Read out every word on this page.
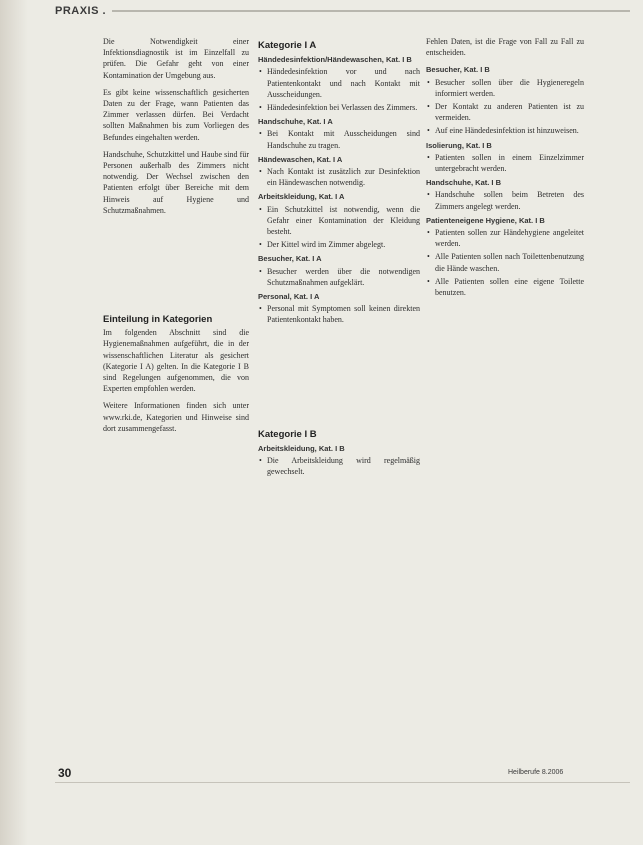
PRAXIS .

Die Notwendigkeit einer Infektionsdiagnostik ist im Einzelfall zu prüfen. Die Gefahr geht von einer Kontamination der Umgebung aus.

Es gibt keine wissenschaftlich gesicherten Daten zu der Frage, wann Patienten das Zimmer verlassen dürfen. Bei Verdacht sollten Maßnahmen bis zum Vorliegen des Befundes eingehalten werden.

Handschuhe, Schutzkittel und Haube sind für Personen außerhalb des Zimmers nicht notwendig. Der Wechsel zwischen den Patienten erfolgt über Bereiche mit dem Hinweis auf Hygiene und Schutzmaßnahmen.

Einteilung in Kategorien

Im folgenden Abschnitt sind die Hygienemaßnahmen aufgeführt, die in der wissenschaftlichen Literatur als gesichert (Kategorie I A) gelten. In die Kategorie I B sind Regelungen aufgenommen, die von Experten empfohlen werden.

Weitere Informationen finden sich unter www.rki.de, Kategorien und Hinweise sind dort zusammengefasst.

Kategorie I A
Händedesinfektion/Händewaschen, Kat. I B
• Händedesinfektion vor und nach Patientenkontakt und nach Kontakt mit Ausscheidungen.
• Händedesinfektion bei Verlassen des Zimmers.
Handschuhe, Kat. I A
• Bei Kontakt mit Ausscheidungen sind Handschuhe zu tragen.
Händewaschen, Kat. I A
• Nach Kontakt ist zusätzlich zur Desinfektion ein Händewaschen notwendig.
Arbeitskleidung, Kat. I A
• Ein Schutzkittel ist notwendig, wenn die Gefahr einer Kontamination der Kleidung besteht.
• Der Kittel wird im Zimmer abgelegt.
Besucher, Kat. I A
• Besucher werden über die notwendigen Schutzmaßnahmen aufgeklärt.
Personal, Kat. I A
• Personal mit Symptomen soll keinen direkten Patientenkontakt haben.
Kategorie I B
Arbeitskleidung, Kat. I B
• Die Arbeitskleidung wird regelmäßig gewechselt.

Fehlen Daten, ist die Frage von Fall zu Fall zu entscheiden.

Besucher, Kat. I B
• Besucher sollen über die Hygieneregeln informiert werden.
• Der Kontakt zu anderen Patienten ist zu vermeiden.
• Auf eine Händedesinfektion ist hinzuweisen.
Isolierung, Kat. I B
• Patienten sollen in einem Einzelzimmer untergebracht werden.
Handschuhe, Kat. I B
• Handschuhe sollen beim Betreten des Zimmers angelegt werden.
Patienteneigene Hygiene, Kat. I B
• Patienten sollen zur Händehygiene angeleitet werden.
• Alle Patienten sollen nach Toilettenbenutzung die Hände waschen.
• Alle Patienten sollen eine eigene Toilette benutzen.
30	Heilberufe 8.2006
